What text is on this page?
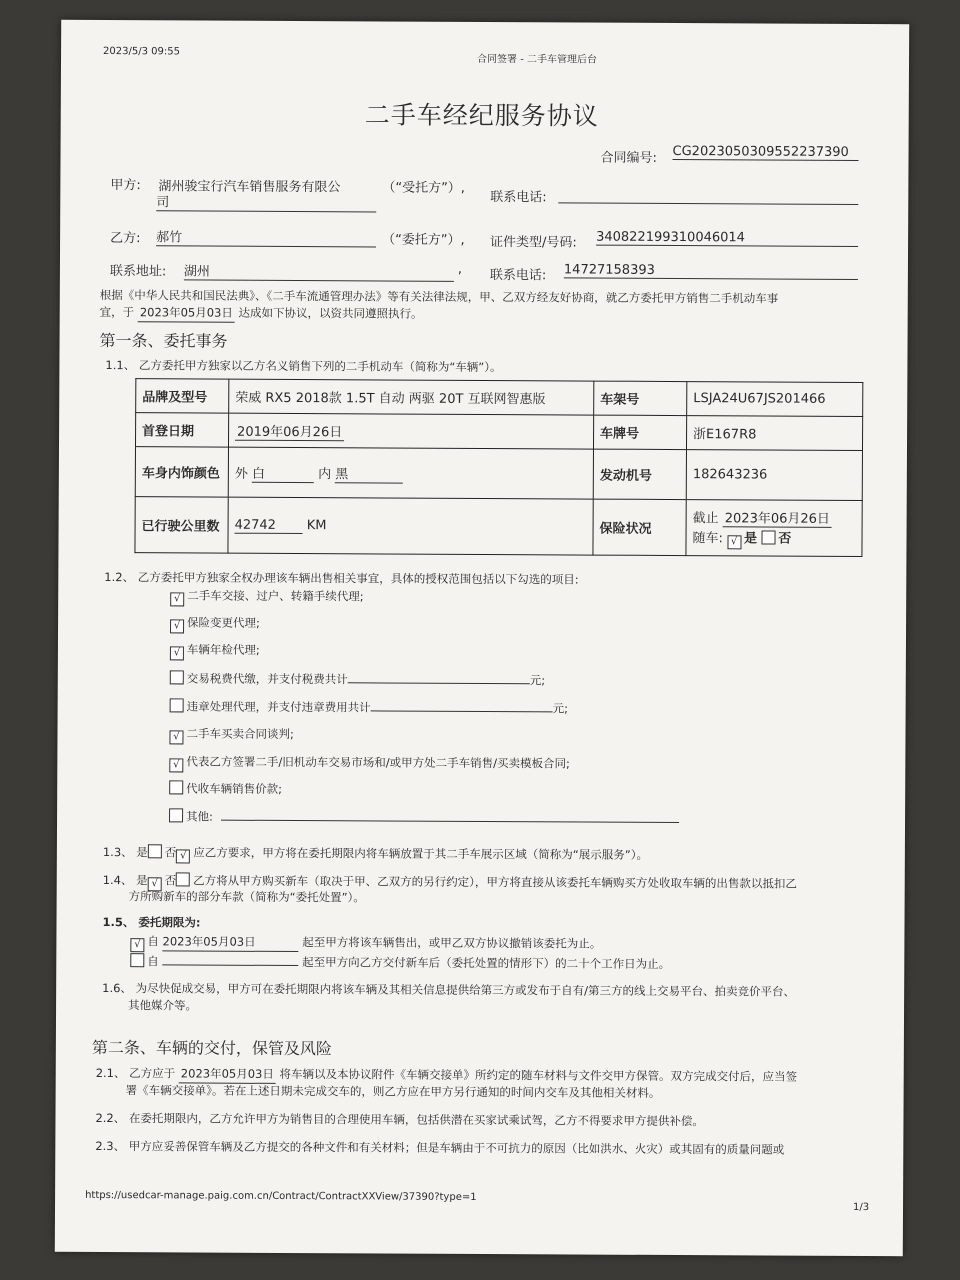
2023/5/3 09:55
合同签署 - 二手车管理后台
二手车经纪服务协议
合同编号: CG2023050309552237390
甲方: 湖州骏宝行汽车销售服务有限公
司
（“受托方”）,
联系电话:
乙方: 郝竹	（“委托方”）, 证件类型/号码: 340822199310046014
联系地址: 湖州	, 联系电话: 14727158393
根据《中华人民共和国民法典》、《二手车流通管理办法》等有关法律法规，甲、乙双方经友好协商，就乙方委托甲方销售二手机动车事
宜，于 2023年05月03日 达成如下协议，以资共同遵照执行。
第一条、委托事务
1.1、 乙方委托甲方独家以乙方名义销售下列的二手机动车（简称为“车辆”）。
品牌及型号	荣威 RX5 2018款 1.5T 自动 两驱 20T 互联网智惠版	车架号	LSJA24U67JS201466
首登日期	2019年06月26日	车牌号	浙E167R8
车身内饰颜色	外 白 内 黑	发动机号	182643236
已行驶公里数	42742 KM	保险状况	截止 2023年06月26日
随车: √ 是 否
1.2、 乙方委托甲方独家全权办理该车辆出售相关事宜，具体的授权范围包括以下勾选的项目:
√ 二手车交接、过户、转籍手续代理;
√ 保险变更代理;
√ 车辆年检代理;
交易税费代缴，并支付税费共计	元;
违章处理代理，并支付违章费用共计	元;
√ 二手车买卖合同谈判;
√ 代表乙方签署二手/旧机动车交易市场和/或甲方处二手车销售/买卖模板合同;
代收车辆销售价款;
其他:
1.3、 是 否 √ 应乙方要求，甲方将在委托期限内将车辆放置于其二手车展示区域（简称为“展示服务”）。
1.4、 是 √ 否 乙方将从甲方购买新车（取决于甲、乙双方的另行约定），甲方将直接从该委托车辆购买方处收取车辆的出售款以抵扣乙
方所购新车的部分车款（简称为“委托处置”）。
1.5、 委托期限为:
√ 自 2023年05月03日	起至甲方将该车辆售出，或甲乙双方协议撤销该委托为止。
自	起至甲方向乙方交付新车后（委托处置的情形下）的二十个工作日为止。
1.6、 为尽快促成交易，甲方可在委托期限内将该车辆及其相关信息提供给第三方或发布于自有/第三方的线上交易平台、拍卖竞价平台、
其他媒介等。
第二条、车辆的交付，保管及风险
2.1、 乙方应于 2023年05月03日 将车辆以及本协议附件《车辆交接单》所约定的随车材料与文件交甲方保管。双方完成交付后，应当签
署《车辆交接单》。若在上述日期未完成交车的，则乙方应在甲方另行通知的时间内交车及其他相关材料。
2.2、 在委托期限内，乙方允许甲方为销售目的合理使用车辆，包括供潜在买家试乘试驾，乙方不得要求甲方提供补偿。
2.3、 甲方应妥善保管车辆及乙方提交的各种文件和有关材料；但是车辆由于不可抗力的原因（比如洪水、火灾）或其固有的质量问题或
https://usedcar-manage.paig.com.cn/Contract/ContractXXView/37390?type=1
1/3
